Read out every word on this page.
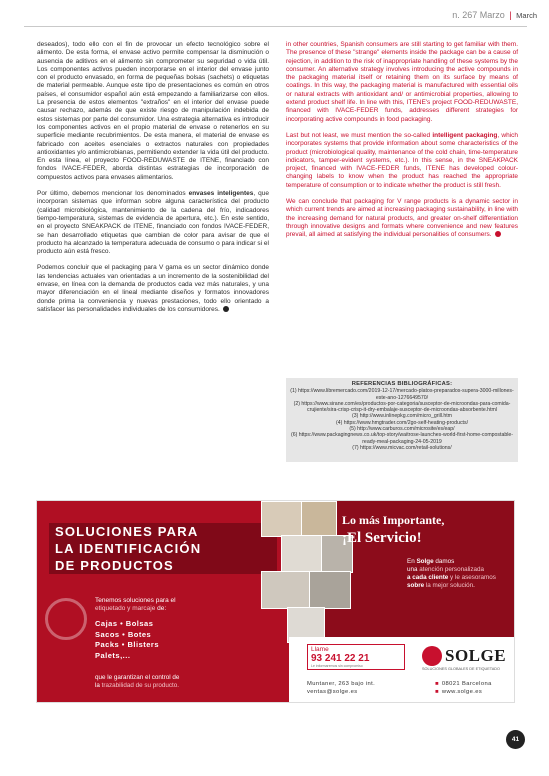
n. 267 Marzo | March

deseados), todo ello con el fin de provocar un efecto tecnológico sobre el alimento. De esta forma, el envase activo permite compensar la disminución o ausencia de aditivos en el alimento sin comprometer su seguridad o vida útil. Los componentes activos pueden incorporarse en el interior del envase junto con el producto envasado, en forma de pequeñas bolsas (sachets) o etiquetas de material permeable. Aunque este tipo de presentaciones es común en otros países, el consumidor español aún está empezando a familiarizarse con ellos. La presencia de estos elementos "extraños" en el interior del envase puede causar rechazo, además de que existe riesgo de manipulación indebida de estos sistemas por parte del consumidor. Una estrategia alternativa es introducir los componentes activos en el propio material de envase o retenerlos en su superficie mediante recubrimientos. De esta manera, el material de envase es fabricado con aceites esenciales o extractos naturales con propiedades antioxidantes y/o antimicrobianas, permitiendo extender la vida útil del producto. En esta línea, el proyecto FOOD-REDUWASTE de ITENE, financiado con fondos IVACE-FEDER, aborda distintas estrategias de incorporación de compuestos activos para envases alimentarios.

Por último, debemos mencionar los denominados envases inteligentes, que incorporan sistemas que informan sobre alguna característica del producto (calidad microbiológica, mantenimiento de la cadena del frío, indicadores tiempo-temperatura, sistemas de evidencia de apertura, etc.). En este sentido, en el proyecto SNEAKPACK de ITENE, financiado con fondos IVACE-FEDER, se han desarrollado etiquetas que cambian de color para avisar de que el producto ha alcanzado la temperatura adecuada de consumo o para indicar si el producto aún está fresco.

Podemos concluir que el packaging para V gama es un sector dinámico donde las tendencias actuales van orientadas a un incremento de la sostenibilidad del envase, en línea con la demanda de productos cada vez más naturales, y una mayor diferenciación en el lineal mediante diseños y formatos innovadores donde prima la conveniencia y nuevas prestaciones, todo ello orientado a satisfacer las personalidades individuales de los consumidores.

in other countries, Spanish consumers are still starting to get familiar with them. The presence of these "strange" elements inside the package can be a cause of rejection, in addition to the risk of inappropriate handling of these systems by the consumer. An alternative strategy involves introducing the active compounds in the packaging material itself or retaining them on its surface by means of coatings. In this way, the packaging material is manufactured with essential oils or natural extracts with antioxidant and/ or antimicrobial properties, allowing to extend product shelf life. In line with this, ITENE's project FOOD-REDUWASTE, financed with IVACE-FEDER funds, addresses different strategies for incorporating active compounds in food packaging.

Last but not least, we must mention the so-called intelligent packaging, which incorporates systems that provide information about some characteristics of the product (microbiological quality, maintenance of the cold chain, time-temperature indicators, tamper-evident systems, etc.). In this sense, in the SNEAKPACK project, financed with IVACE-FEDER funds, ITENE has developed colour-changing labels to know when the product has reached the appropriate temperature of consumption or to indicate whether the product is still fresh.

We can conclude that packaging for V range products is a dynamic sector in which current trends are aimed at increasing packaging sustainability, in line with the increasing demand for natural products, and greater on-shelf differentiation through innovative designs and formats where convenience and new features prevail, all aimed at satisfying the individual personalities of consumers.

REFERENCIAS BIBLIOGRÁFICAS:
(1) https://www.libremercado.com/2019-12-17/mercado-platos-preparados-supera-3000-millones-este-ano-1276649570/
(2) https://www.sirane.com/es/productos-por-categoria/susceptor-de-microondas-para-comida-crujiente/sira-crisp-crisp-it-dry-embalaje-susceptor-de-microondas-absorbente.html
(3) http://www.inlinepkg.com/micro_grill.htm
(4) https://www.hmgtrader.com/2go-self-heating-products/
(5) http://www.carburos.com/microsite/es/eap/
(6) https://www.packagingnews.co.uk/top-story/waitrose-launches-world-first-home-compostable-ready-meal-packaging-24-05-2019
(7) https://www.micvac.com/retail-solutions/
SOLUCIONES PARA
LA IDENTIFICACIÓN
DE PRODUCTOS
Tenemos soluciones para el
etiquetado y marcaje de:
Cajas • Bolsas
Sacos • Botes
Packs • Blisters
Palets,...
que le garantizan el control de
la trazabilidad de su producto.
Lo más Importante,
¡El Servicio!
En Solge damos
una atención personalizada
a cada cliente y le asesoramos
sobre la mejor solución.
Llame
93 241 22 21
Le informaremos sin compromiso
SOLGE
SOLUCIONES GLOBALES DE ETIQUETADO
Muntaner, 263 bajo int.
ventas@solge.es
■ 08021 Barcelona
■ www.solge.es
41
